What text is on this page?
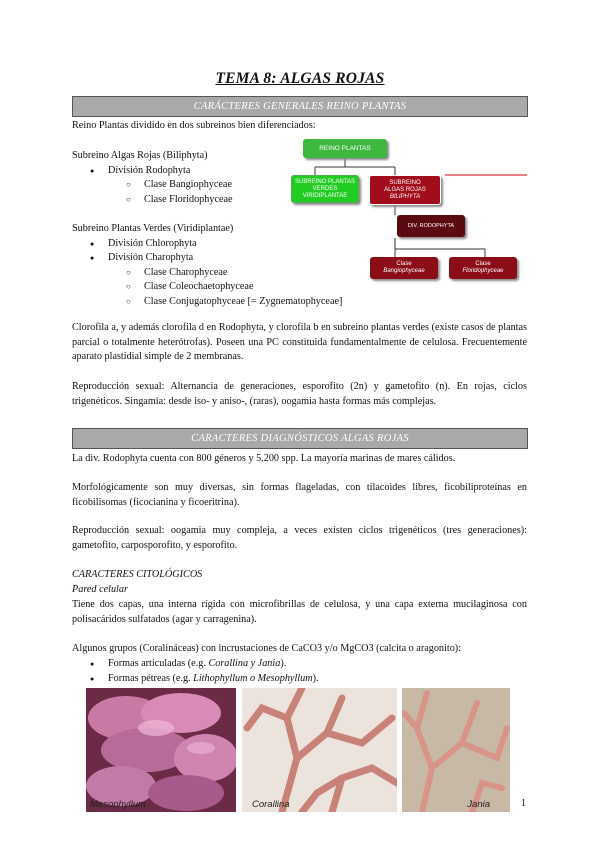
TEMA 8: ALGAS ROJAS
CARÁCTERES GENERALES REINO PLANTAS
Reino Plantas dividido en dos subreinos bien diferenciados:
Subreino Algas Rojas (Biliphyta)
● División Rodophyta
○ Clase Bangiophyceae
○ Clase Floridophyceae
Subreino Plantas Verdes (Viridiplantae)
● División Chlorophyta
● División Charophyta
○ Clase Charophyceae
○ Clase Coleochaetophyceae
○ Clase Conjugatophyceae [= Zygnematophyceae]
REINO PLANTAS
SUBREINO PLANTAS VERDES VIRIDIPLANTAE
SUBREINO
ALGAS ROJAS
BILIPHYTA
DIV. RODOPHYTA
Clase
Bangiophyceae
Clase
Floridophyceae
Clorofila a, y además clorofila d en Rodophyta, y clorofila b en subreino plantas verdes (existe casos de plantas parcial o totalmente heterótrofas). Poseen una PC constituida fundamentalmente de celulosa. Frecuentemente aparato plastidial simple de 2 membranas.
Reproducción sexual: Alternancia de generaciones, esporofito (2n) y gametofito (n). En rojas, ciclos trigenéticos. Singamia: desde iso- y aniso-, (raras), oogamia hasta formas más complejas.
CARACTERES DIAGNÓSTICOS ALGAS ROJAS
La div. Rodophyta cuenta con 800 géneros y 5.200 spp. La mayoría marinas de mares cálidos.
Morfológicamente son muy diversas, sin formas flageladas, con tilacoides libres, ficobiliproteínas en ficobilisomas (ficocianina y ficoeritrina).
Reproducción sexual: oogamia muy compleja, a veces existen ciclos trigenéticos (tres generaciones): gametofito, carposporofito, y esporofito.
CARACTERES CITOLÓGICOS
Pared celular
Tiene dos capas, una interna rígida con microfibrillas de celulosa, y una capa externa mucilaginosa con polisacáridos sulfatados (agar y carragenina).
Algunos grupos (Coralináceas) con incrustaciones de CaCO3 y/o MgCO3 (calcita o aragonito):
● Formas articuladas (e.g. Corallina y Jania).
● Formas pétreas (e.g. Lithophyllum o Mesophyllum).
Mesophyllum	Corallina	Jania	1
